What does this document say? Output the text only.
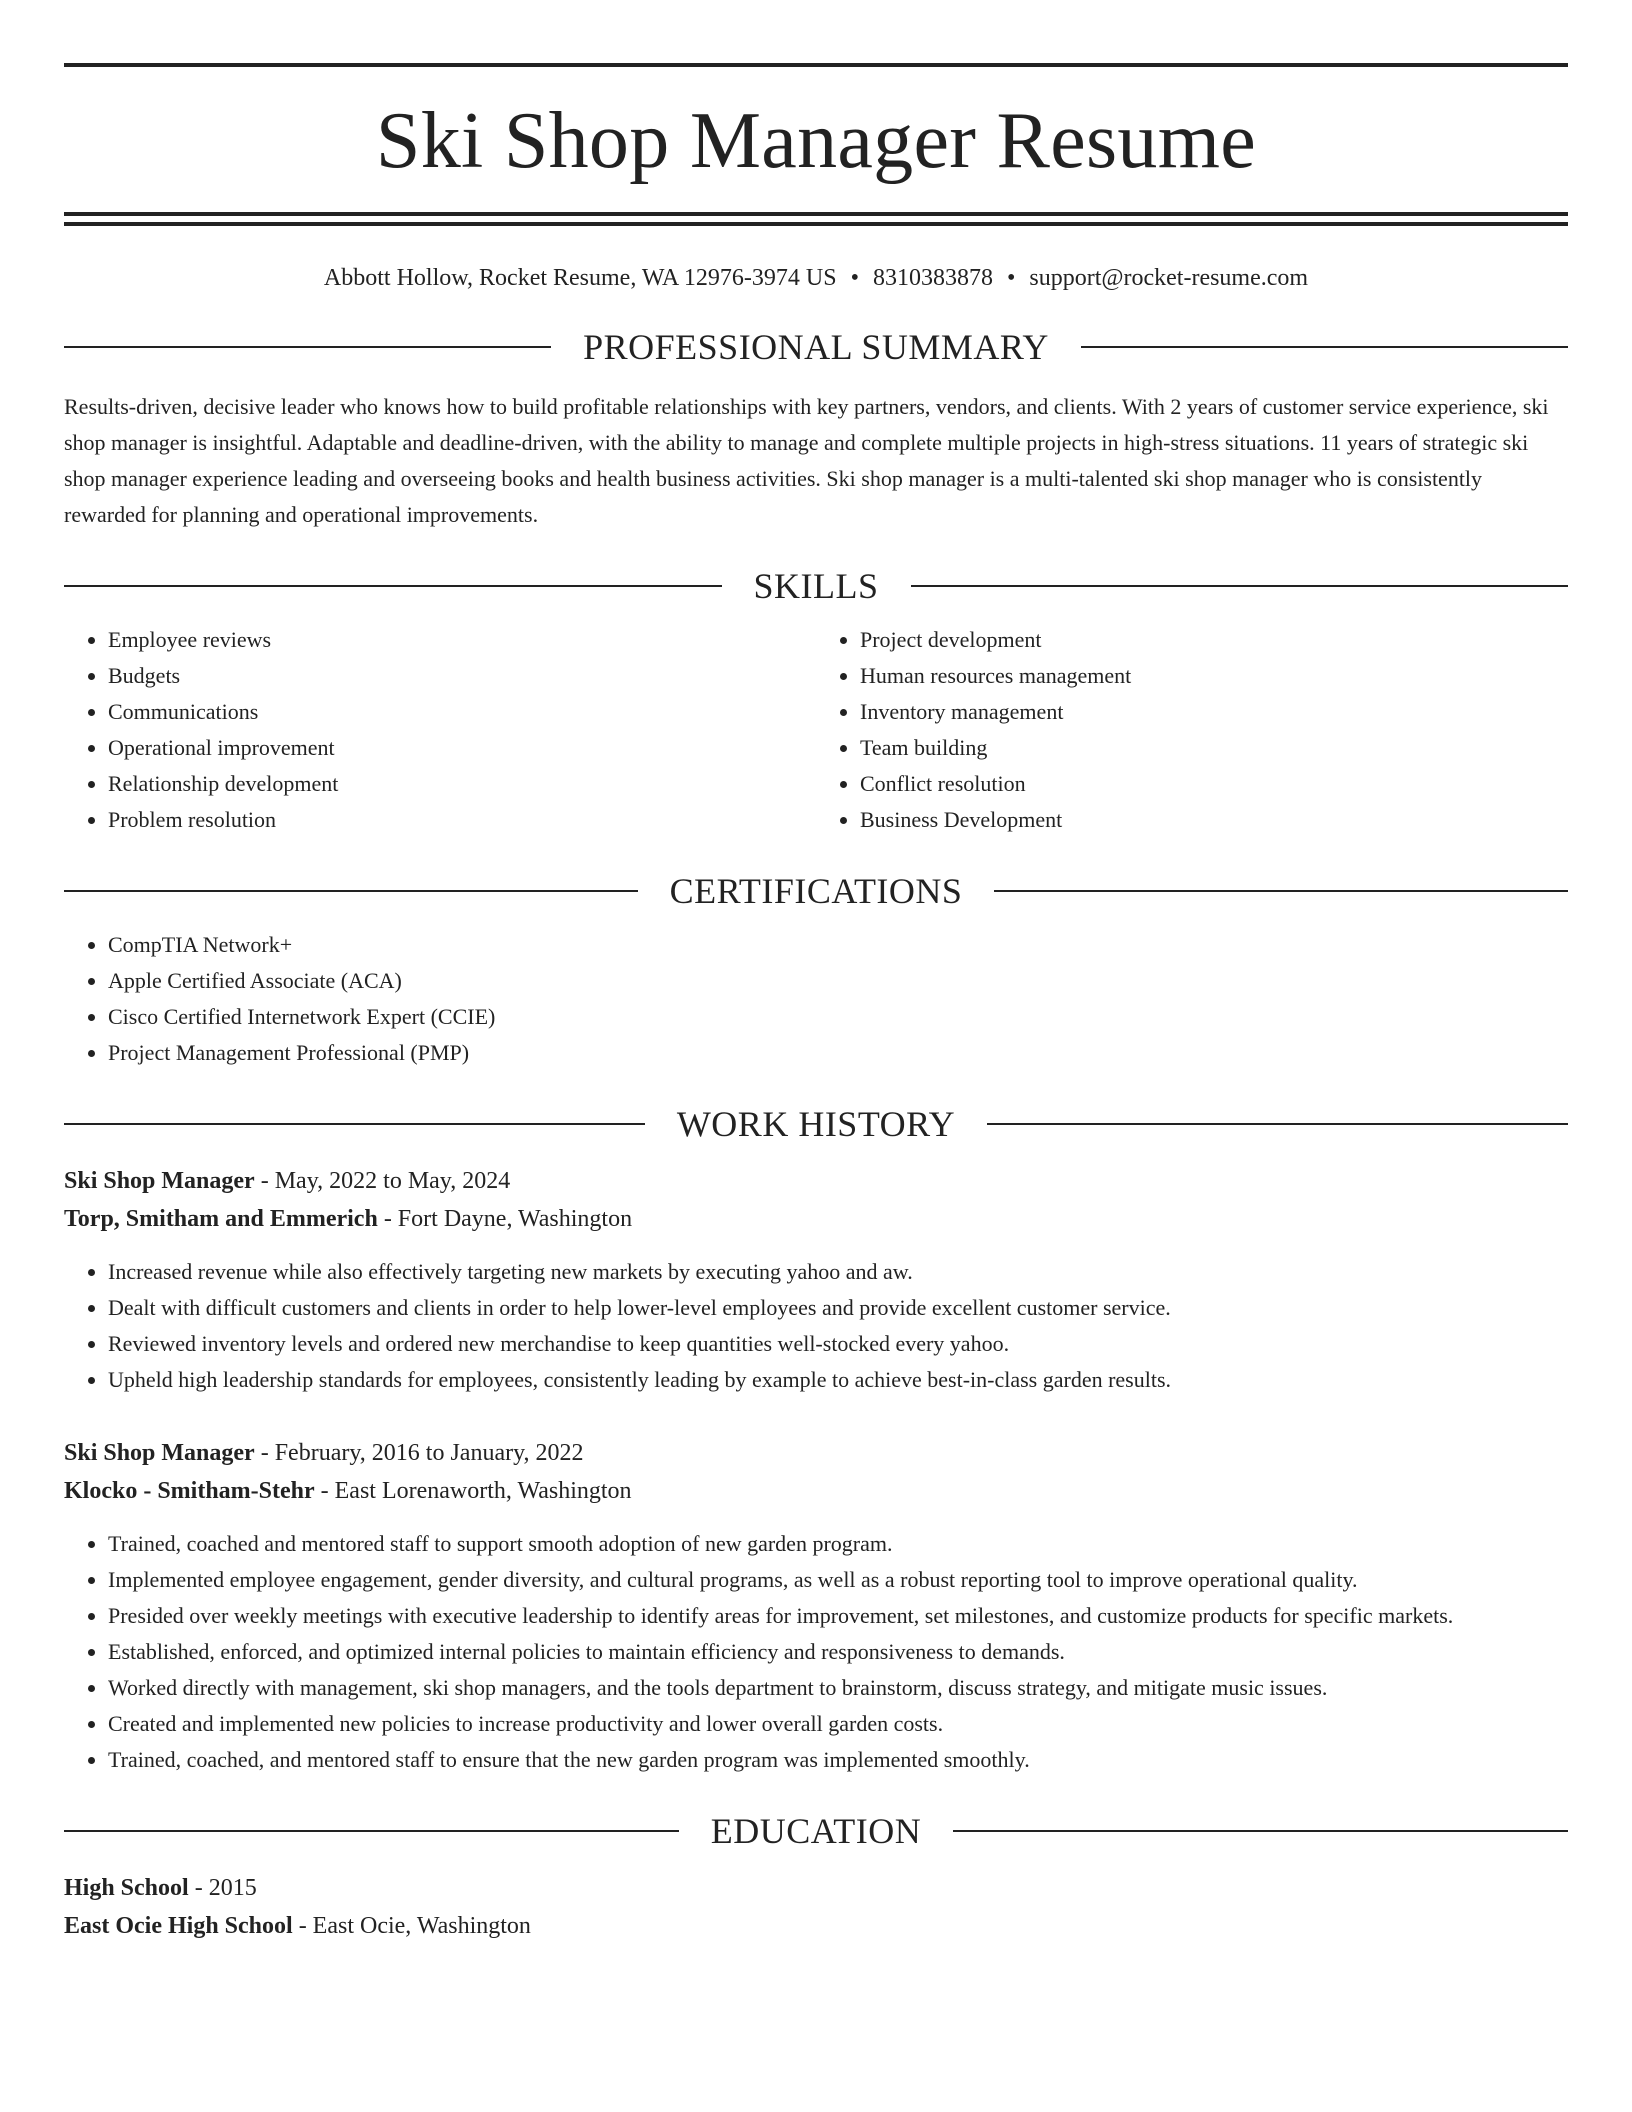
Ski Shop Manager Resume
Abbott Hollow, Rocket Resume, WA 12976-3974 US • 8310383878 • support@rocket-resume.com
PROFESSIONAL SUMMARY

Results-driven, decisive leader who knows how to build profitable relationships with key partners, vendors, and clients. With 2 years of customer service experience, ski shop manager is insightful. Adaptable and deadline-driven, with the ability to manage and complete multiple projects in high-stress situations. 11 years of strategic ski shop manager experience leading and overseeing books and health business activities. Ski shop manager is a multi-talented ski shop manager who is consistently rewarded for planning and operational improvements.

SKILLS
• Employee reviews
• Budgets
• Communications
• Operational improvement
• Relationship development
• Problem resolution
• Project development
• Human resources management
• Inventory management
• Team building
• Conflict resolution
• Business Development
CERTIFICATIONS
• CompTIA Network+
• Apple Certified Associate (ACA)
• Cisco Certified Internetwork Expert (CCIE)
• Project Management Professional (PMP)
WORK HISTORY
Ski Shop Manager - May, 2022 to May, 2024
Torp, Smitham and Emmerich - Fort Dayne, Washington
• Increased revenue while also effectively targeting new markets by executing yahoo and aw.
• Dealt with difficult customers and clients in order to help lower-level employees and provide excellent customer service.
• Reviewed inventory levels and ordered new merchandise to keep quantities well-stocked every yahoo.
• Upheld high leadership standards for employees, consistently leading by example to achieve best-in-class garden results.
Ski Shop Manager - February, 2016 to January, 2022
Klocko - Smitham-Stehr - East Lorenaworth, Washington
• Trained, coached and mentored staff to support smooth adoption of new garden program.
• Implemented employee engagement, gender diversity, and cultural programs, as well as a robust reporting tool to improve operational quality.
• Presided over weekly meetings with executive leadership to identify areas for improvement, set milestones, and customize products for specific markets.
• Established, enforced, and optimized internal policies to maintain efficiency and responsiveness to demands.
• Worked directly with management, ski shop managers, and the tools department to brainstorm, discuss strategy, and mitigate music issues.
• Created and implemented new policies to increase productivity and lower overall garden costs.
• Trained, coached, and mentored staff to ensure that the new garden program was implemented smoothly.
EDUCATION
High School - 2015
East Ocie High School - East Ocie, Washington
